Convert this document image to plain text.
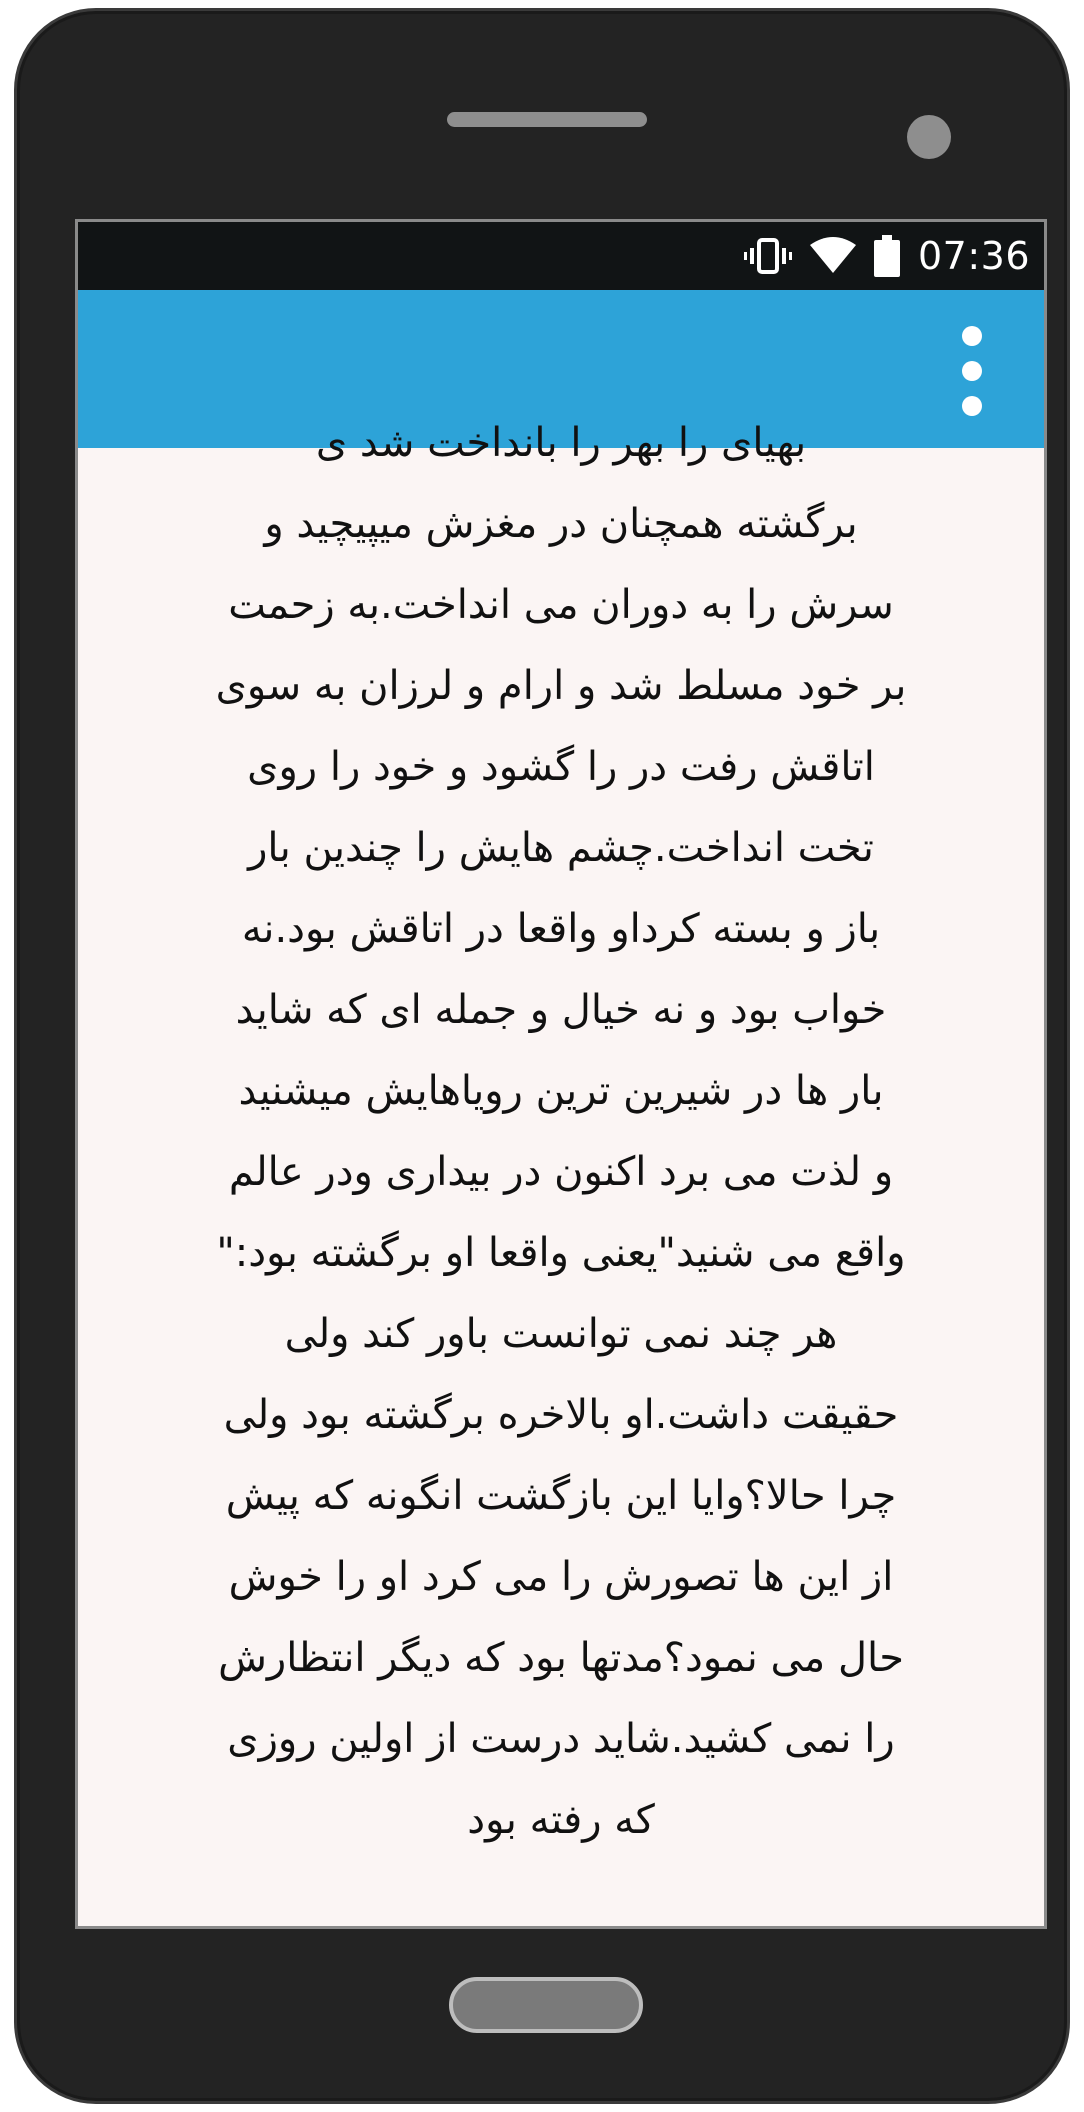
07:36

ﺑﻬﻴﺎﯼ ﺭﺍ ﺑﻬﺮ ﺭﺍ ﺑﺎﻧﺪﺍﺧﺖ ﺷﺪ ﯼ
برگشته همچنان در مغزش میپیچید و
سرش را به دوران می انداخت.به زحمت
بر خود مسلط شد و ارام و لرزان به سوی
اتاقش رفت در را گشود و خود را روی
تخت انداخت.چشم هایش را چندین بار
باز و بسته کرداو واقعا در اتاقش بود.نه
خواب بود و نه خیال و جمله ای که شاید
بار ها در شیرین ترین رویاهایش میشنید
و لذت می برد اکنون در بیداری ودر عالم
واقع می شنید"یعنی واقعا او برگشته بود:"
هر چند نمی توانست باور کند ولی
حقیقت داشت.او بالاخره برگشته بود ولی
چرا حالا؟وایا این بازگشت انگونه که پیش
از این ها تصورش را می کرد او را خوش
حال می نمود؟مدتها بود که دیگر انتظارش
را نمی کشید.شاید درست از اولین روزی
که رفته بود
